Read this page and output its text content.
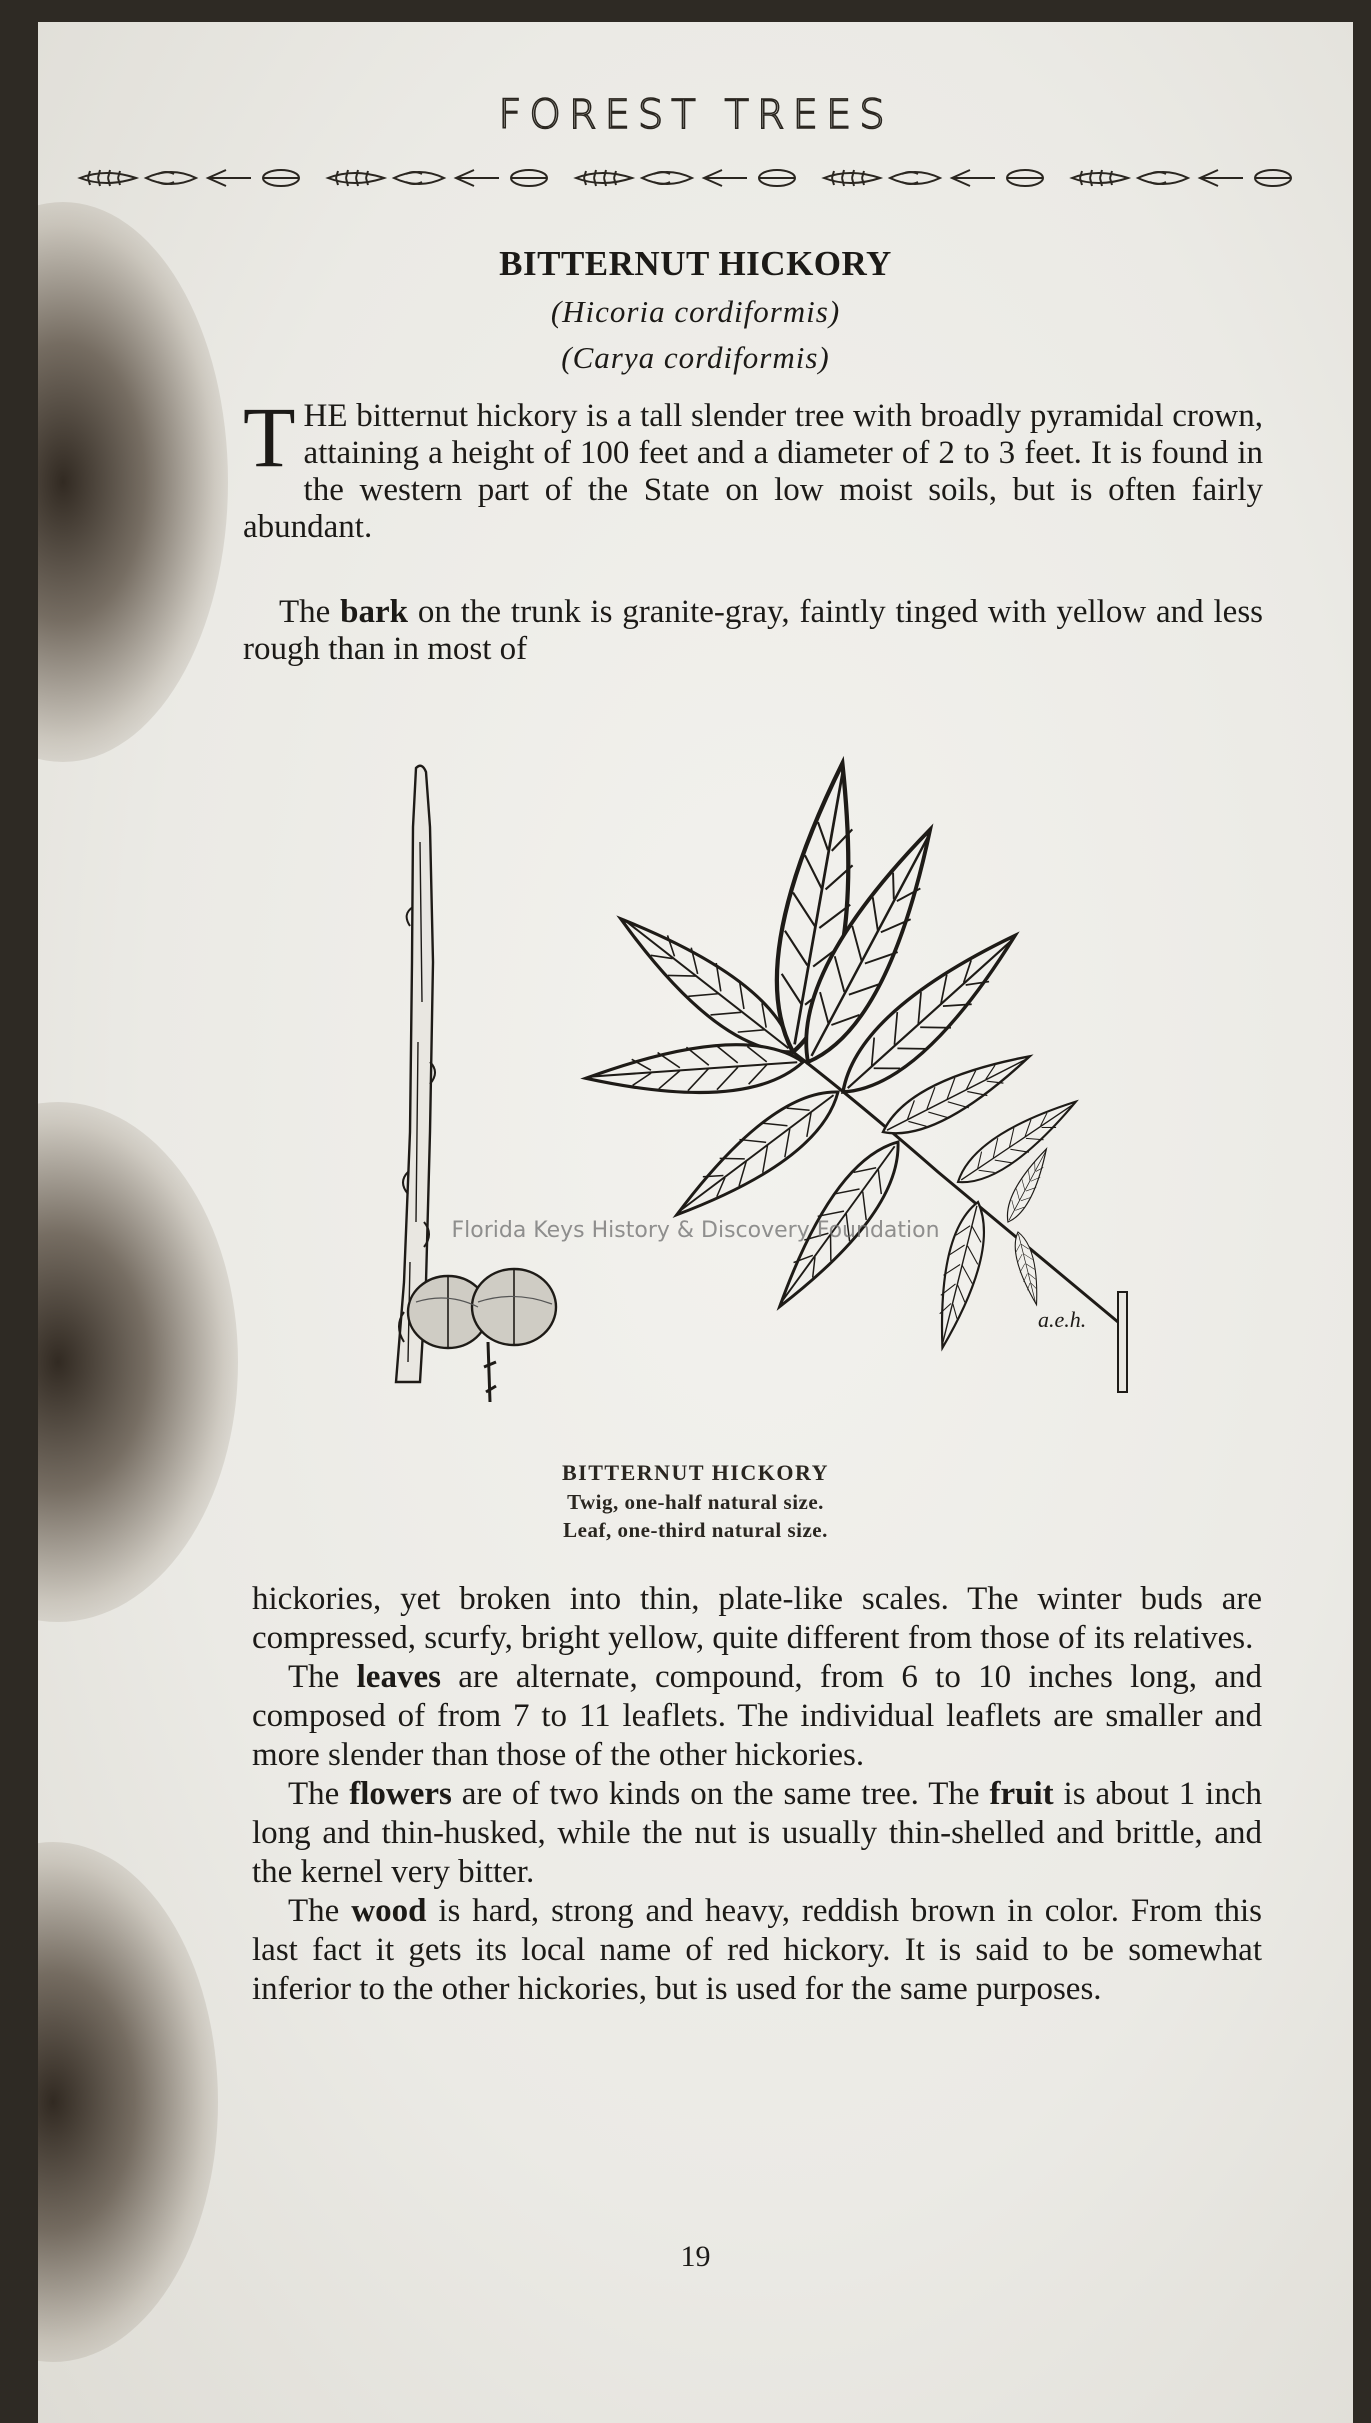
FOREST TREES
BITTERNUT HICKORY
(Hicoria cordiformis)
(Carya cordiformis)
THE bitternut hickory is a tall slender tree with broadly pyramidal crown, attaining a height of 100 feet and a diameter of 2 to 3 feet. It is found in the western part of the State on low moist soils, but is often fairly abundant.
The bark on the trunk is granite-gray, faintly tinged with yellow and less rough than in most of
a.e.h.
Florida Keys History & Discovery Foundation
BITTERNUT HICKORY
Twig, one-half natural size.
Leaf, one-third natural size.

hickories, yet broken into thin, plate-like scales. The winter buds are compressed, scurfy, bright yellow, quite different from those of its relatives.

The leaves are alternate, compound, from 6 to 10 inches long, and composed of from 7 to 11 leaflets. The individual leaflets are smaller and more slender than those of the other hickories.

The flowers are of two kinds on the same tree. The fruit is about 1 inch long and thin-husked, while the nut is usually thin-shelled and brittle, and the kernel very bitter.

The wood is hard, strong and heavy, reddish brown in color. From this last fact it gets its local name of red hickory. It is said to be somewhat inferior to the other hickories, but is used for the same purposes.

19
